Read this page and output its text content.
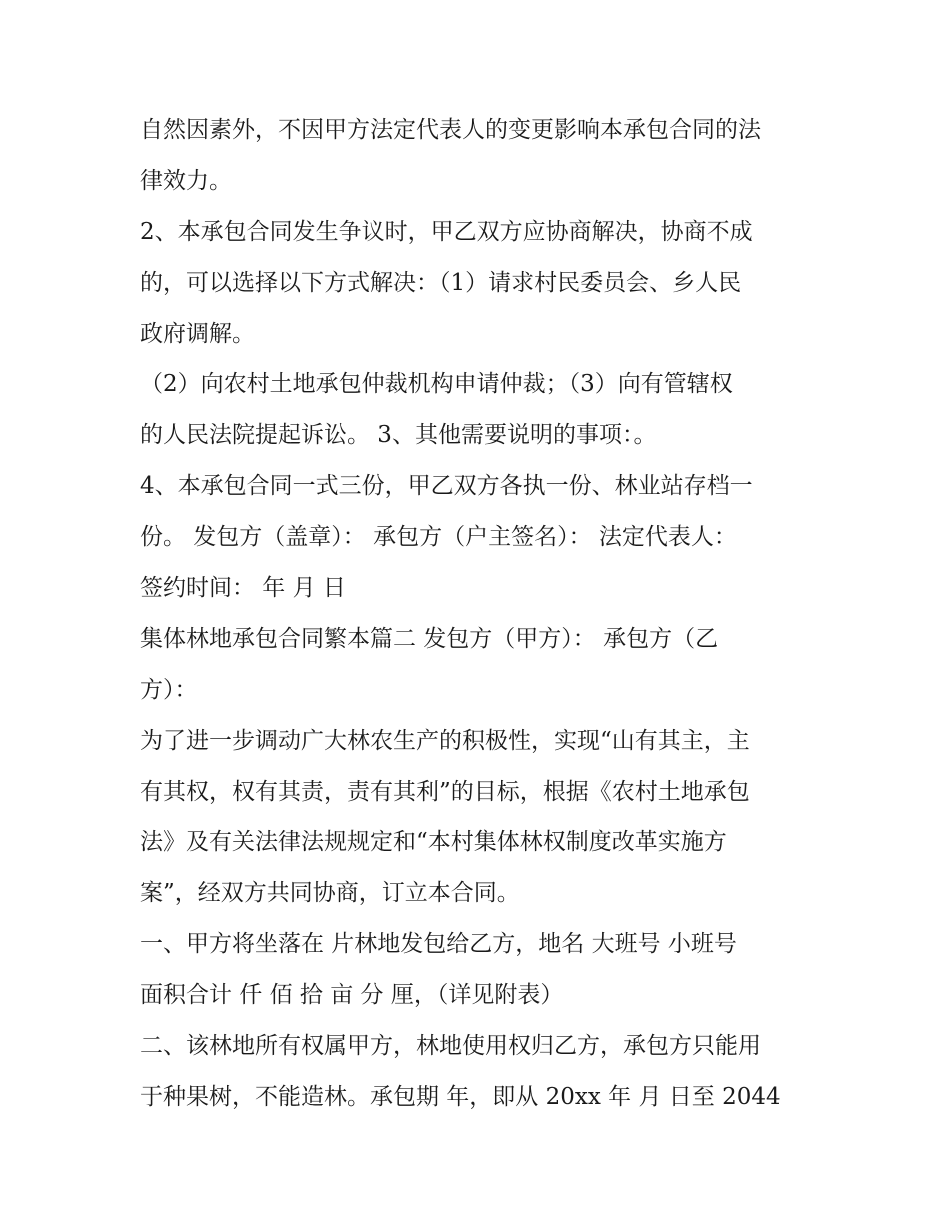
自然因素外，不因甲方法定代表人的变更影响本承包合同的法
律效力。
2、本承包合同发生争议时，甲乙双方应协商解决，协商不成
的，可以选择以下方式解决：（1）请求村民委员会、乡人民
政府调解。
（2）向农村土地承包仲裁机构申请仲裁；（3）向有管辖权
的人民法院提起诉讼。 3、其他需要说明的事项：。
4、本承包合同一式三份，甲乙双方各执一份、林业站存档一
份。 发包方（盖章）： 承包方（户主签名）： 法定代表人：
签约时间： 年 月 日
集体林地承包合同繁本篇二 发包方（甲方）： 承包方（乙
方）：
为了进一步调动广大林农生产的积极性，实现“山有其主，主
有其权，权有其责，责有其利”的目标，根据《农村土地承包
法》及有关法律法规规定和“本村集体林权制度改革实施方
案”，经双方共同协商，订立本合同。
一、甲方将坐落在 片林地发包给乙方，地名 大班号 小班号
面积合计 仟 佰 拾 亩 分 厘，（详见附表）
二、该林地所有权属甲方，林地使用权归乙方，承包方只能用
于种果树，不能造林。承包期 年，即从 20xx 年 月 日至 2044
